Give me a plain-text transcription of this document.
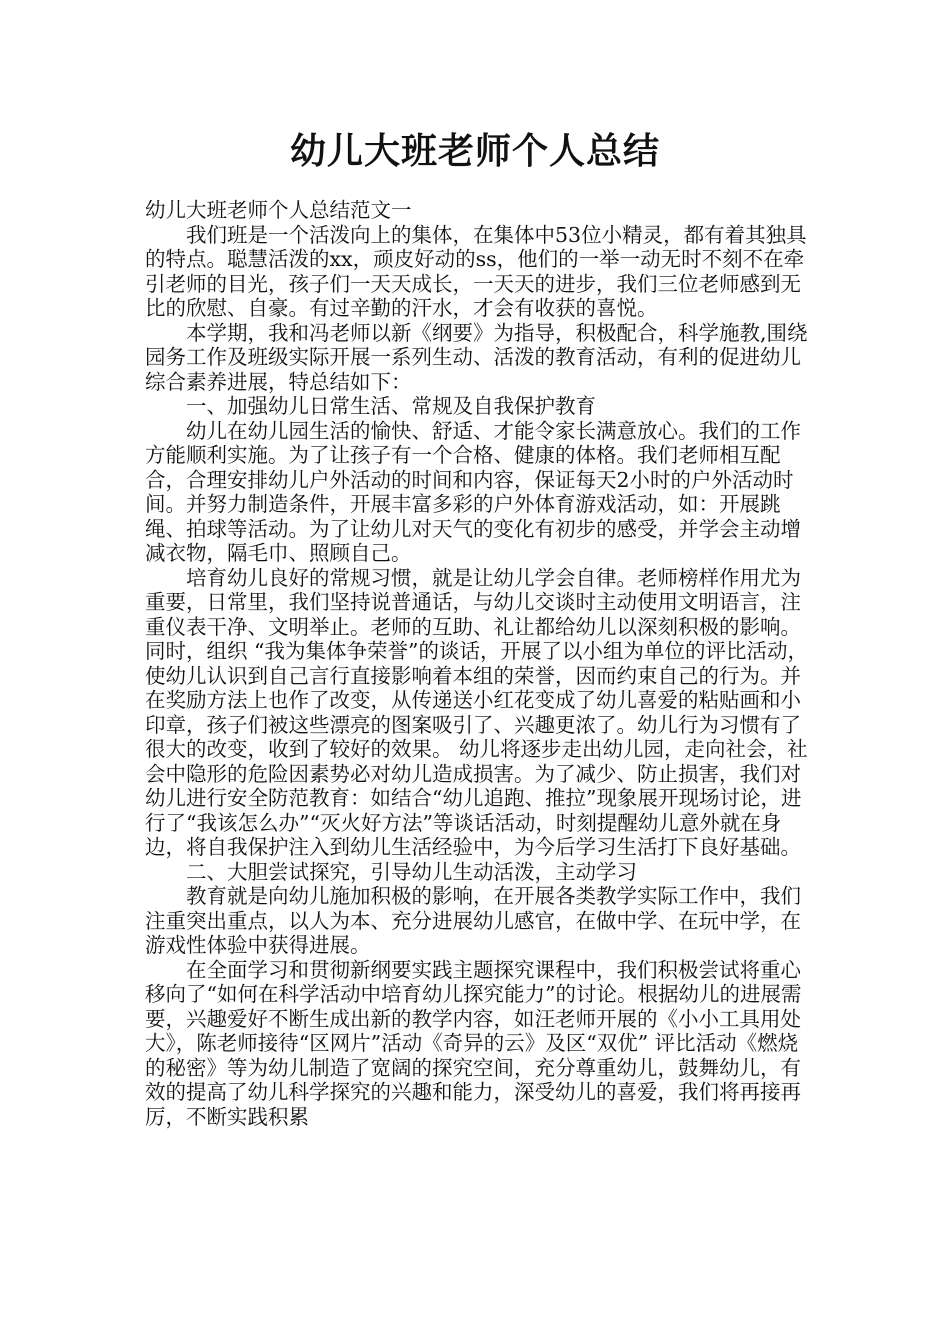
幼儿大班老师个人总结

幼儿大班老师个人总结范文一

我们班是一个活泼向上的集体，在集体中53位小精灵，都有着其独具的特点。聪慧活泼的xx，顽皮好动的ss，他们的一举一动无时不刻不在牵引老师的目光，孩子们一天天成长，一天天的进步，我们三位老师感到无比的欣慰、自豪。有过辛勤的汗水，才会有收获的喜悦。

本学期，我和冯老师以新《纲要》为指导，积极配合，科学施教,围绕园务工作及班级实际开展一系列生动、活泼的教育活动，有利的促进幼儿综合素养进展，特总结如下：

一、加强幼儿日常生活、常规及自我保护教育

幼儿在幼儿园生活的愉快、舒适、才能令家长满意放心。我们的工作方能顺利实施。为了让孩子有一个合格、健康的体格。我们老师相互配合，合理安排幼儿户外活动的时间和内容，保证每天2小时的户外活动时间。并努力制造条件，开展丰富多彩的户外体育游戏活动，如：开展跳绳、拍球等活动。为了让幼儿对天气的变化有初步的感受，并学会主动增减衣物，隔毛巾、照顾自己。

培育幼儿良好的常规习惯，就是让幼儿学会自律。老师榜样作用尤为重要，日常里，我们坚持说普通话，与幼儿交谈时主动使用文明语言，注重仪表干净、文明举止。老师的互助、礼让都给幼儿以深刻积极的影响。同时，组织 “我为集体争荣誉”的谈话，开展了以小组为单位的评比活动，使幼儿认识到自己言行直接影响着本组的荣誉，因而约束自己的行为。并在奖励方法上也作了改变，从传递送小红花变成了幼儿喜爱的粘贴画和小印章，孩子们被这些漂亮的图案吸引了、兴趣更浓了。幼儿行为习惯有了很大的改变，收到了较好的效果。 幼儿将逐步走出幼儿园，走向社会，社会中隐形的危险因素势必对幼儿造成损害。为了减少、防止损害，我们对幼儿进行安全防范教育：如结合“幼儿追跑、推拉”现象展开现场讨论，进行了“我该怎么办”“灭火好方法”等谈话活动，时刻提醒幼儿意外就在身边，将自我保护注入到幼儿生活经验中，为今后学习生活打下良好基础。

二、大胆尝试探究，引导幼儿生动活泼，主动学习

教育就是向幼儿施加积极的影响，在开展各类教学实际工作中，我们注重突出重点，以人为本、充分进展幼儿感官，在做中学、在玩中学，在游戏性体验中获得进展。

在全面学习和贯彻新纲要实践主题探究课程中，我们积极尝试将重心移向了“如何在科学活动中培育幼儿探究能力”的讨论。根据幼儿的进展需要，兴趣爱好不断生成出新的教学内容，如汪老师开展的《小小工具用处大》，陈老师接待“区网片”活动《奇异的云》及区“双优” 评比活动《燃烧的秘密》等为幼儿制造了宽阔的探究空间，充分尊重幼儿，鼓舞幼儿，有效的提高了幼儿科学探究的兴趣和能力，深受幼儿的喜爱，我们将再接再厉，不断实践积累
